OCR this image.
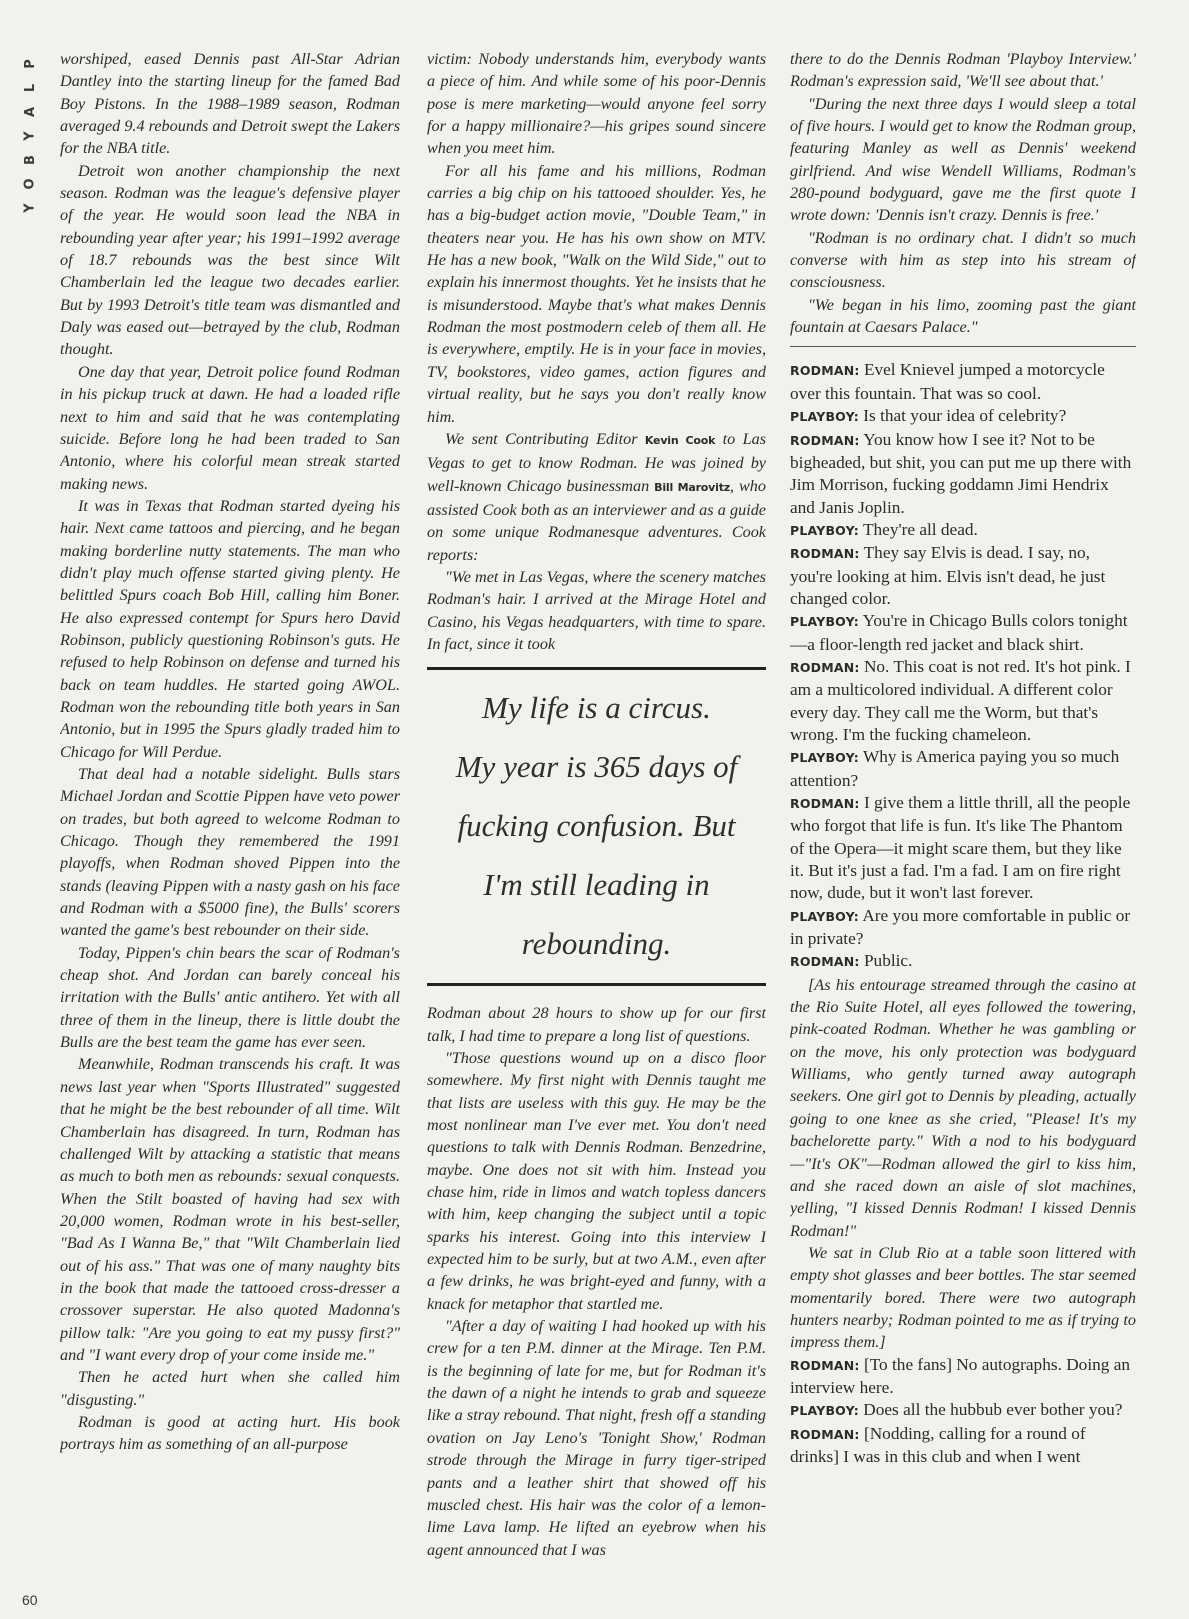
P
L
A
Y
B
O
Y
60

worshiped, eased Dennis past All-Star Adrian Dantley into the starting lineup for the famed Bad Boy Pistons. In the 1988–1989 season, Rodman averaged 9.4 rebounds and Detroit swept the Lakers for the NBA title.

Detroit won another championship the next season. Rodman was the league's defensive player of the year. He would soon lead the NBA in rebounding year after year; his 1991–1992 average of 18.7 rebounds was the best since Wilt Chamberlain led the league two decades earlier. But by 1993 Detroit's title team was dismantled and Daly was eased out—betrayed by the club, Rodman thought.

One day that year, Detroit police found Rodman in his pickup truck at dawn. He had a loaded rifle next to him and said that he was contemplating suicide. Before long he had been traded to San Antonio, where his colorful mean streak started making news.

It was in Texas that Rodman started dyeing his hair. Next came tattoos and piercing, and he began making borderline nutty statements. The man who didn't play much offense started giving plenty. He belittled Spurs coach Bob Hill, calling him Boner. He also expressed contempt for Spurs hero David Robinson, publicly questioning Robinson's guts. He refused to help Robinson on defense and turned his back on team huddles. He started going AWOL. Rodman won the rebounding title both years in San Antonio, but in 1995 the Spurs gladly traded him to Chicago for Will Perdue.

That deal had a notable sidelight. Bulls stars Michael Jordan and Scottie Pippen have veto power on trades, but both agreed to welcome Rodman to Chicago. Though they remembered the 1991 playoffs, when Rodman shoved Pippen into the stands (leaving Pippen with a nasty gash on his face and Rodman with a $5000 fine), the Bulls' scorers wanted the game's best rebounder on their side.

Today, Pippen's chin bears the scar of Rodman's cheap shot. And Jordan can barely conceal his irritation with the Bulls' antic antihero. Yet with all three of them in the lineup, there is little doubt the Bulls are the best team the game has ever seen.

Meanwhile, Rodman transcends his craft. It was news last year when "Sports Illustrated" suggested that he might be the best rebounder of all time. Wilt Chamberlain has disagreed. In turn, Rodman has challenged Wilt by attacking a statistic that means as much to both men as rebounds: sexual conquests. When the Stilt boasted of having had sex with 20,000 women, Rodman wrote in his best-seller, "Bad As I Wanna Be," that "Wilt Chamberlain lied out of his ass." That was one of many naughty bits in the book that made the tattooed cross-dresser a crossover superstar. He also quoted Madonna's pillow talk: "Are you going to eat my pussy first?" and "I want every drop of your come inside me."

Then he acted hurt when she called him "disgusting."

Rodman is good at acting hurt. His book portrays him as something of an all-purpose

victim: Nobody understands him, everybody wants a piece of him. And while some of his poor-Dennis pose is mere marketing—would anyone feel sorry for a happy millionaire?—his gripes sound sincere when you meet him.

For all his fame and his millions, Rodman carries a big chip on his tattooed shoulder. Yes, he has a big-budget action movie, "Double Team," in theaters near you. He has his own show on MTV. He has a new book, "Walk on the Wild Side," out to explain his innermost thoughts. Yet he insists that he is misunderstood. Maybe that's what makes Dennis Rodman the most postmodern celeb of them all. He is everywhere, emptily. He is in your face in movies, TV, bookstores, video games, action figures and virtual reality, but he says you don't really know him.

We sent Contributing Editor Kevin Cook to Las Vegas to get to know Rodman. He was joined by well-known Chicago businessman Bill Marovitz, who assisted Cook both as an interviewer and as a guide on some unique Rodmanesque adventures. Cook reports:

"We met in Las Vegas, where the scenery matches Rodman's hair. I arrived at the Mirage Hotel and Casino, his Vegas headquarters, with time to spare. In fact, since it took

My life is a circus.
My year is 365 days of
fucking confusion. But
I'm still leading in
rebounding.

Rodman about 28 hours to show up for our first talk, I had time to prepare a long list of questions.

"Those questions wound up on a disco floor somewhere. My first night with Dennis taught me that lists are useless with this guy. He may be the most nonlinear man I've ever met. You don't need questions to talk with Dennis Rodman. Benzedrine, maybe. One does not sit with him. Instead you chase him, ride in limos and watch topless dancers with him, keep changing the subject until a topic sparks his interest. Going into this interview I expected him to be surly, but at two A.M., even after a few drinks, he was bright-eyed and funny, with a knack for metaphor that startled me.

"After a day of waiting I had hooked up with his crew for a ten P.M. dinner at the Mirage. Ten P.M. is the beginning of late for me, but for Rodman it's the dawn of a night he intends to grab and squeeze like a stray rebound. That night, fresh off a standing ovation on Jay Leno's 'Tonight Show,' Rodman strode through the Mirage in furry tiger-striped pants and a leather shirt that showed off his muscled chest. His hair was the color of a lemon-lime Lava lamp. He lifted an eyebrow when his agent announced that I was

there to do the Dennis Rodman 'Playboy Interview.' Rodman's expression said, 'We'll see about that.'

"During the next three days I would sleep a total of five hours. I would get to know the Rodman group, featuring Manley as well as Dennis' weekend girlfriend. And wise Wendell Williams, Rodman's 280-pound bodyguard, gave me the first quote I wrote down: 'Dennis isn't crazy. Dennis is free.'

"Rodman is no ordinary chat. I didn't so much converse with him as step into his stream of consciousness.

"We began in his limo, zooming past the giant fountain at Caesars Palace."

RODMAN: Evel Knievel jumped a motorcycle over this fountain. That was so cool.

PLAYBOY: Is that your idea of celebrity?

RODMAN: You know how I see it? Not to be bigheaded, but shit, you can put me up there with Jim Morrison, fucking goddamn Jimi Hendrix and Janis Joplin.

PLAYBOY: They're all dead.

RODMAN: They say Elvis is dead. I say, no, you're looking at him. Elvis isn't dead, he just changed color.

PLAYBOY: You're in Chicago Bulls colors tonight—a floor-length red jacket and black shirt.

RODMAN: No. This coat is not red. It's hot pink. I am a multicolored individual. A different color every day. They call me the Worm, but that's wrong. I'm the fucking chameleon.

PLAYBOY: Why is America paying you so much attention?

RODMAN: I give them a little thrill, all the people who forgot that life is fun. It's like The Phantom of the Opera—it might scare them, but they like it. But it's just a fad. I'm a fad. I am on fire right now, dude, but it won't last forever.

PLAYBOY: Are you more comfortable in public or in private?

RODMAN: Public.

[As his entourage streamed through the casino at the Rio Suite Hotel, all eyes followed the towering, pink-coated Rodman. Whether he was gambling or on the move, his only protection was bodyguard Williams, who gently turned away autograph seekers. One girl got to Dennis by pleading, actually going to one knee as she cried, "Please! It's my bachelorette party." With a nod to his bodyguard—"It's OK"—Rodman allowed the girl to kiss him, and she raced down an aisle of slot machines, yelling, "I kissed Dennis Rodman! I kissed Dennis Rodman!"

We sat in Club Rio at a table soon littered with empty shot glasses and beer bottles. The star seemed momentarily bored. There were two autograph hunters nearby; Rodman pointed to me as if trying to impress them.]

RODMAN: [To the fans] No autographs. Doing an interview here.

PLAYBOY: Does all the hubbub ever bother you?

RODMAN: [Nodding, calling for a round of drinks] I was in this club and when I went
